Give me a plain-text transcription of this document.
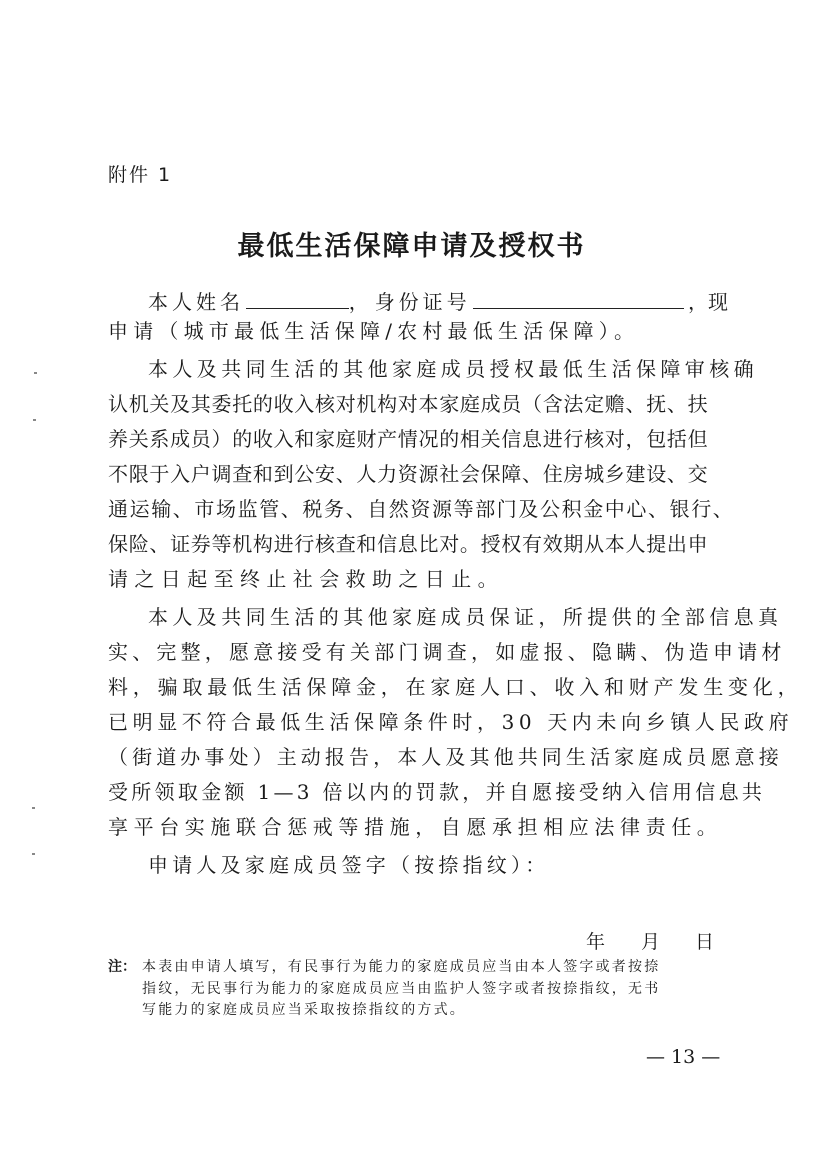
附件 1
最低生活保障申请及授权书
本人姓名	， 身份证号	， 现
申请（城市最低生活保障/农村最低生活保障）。
本人及共同生活的其他家庭成员授权最低生活保障审核确
认机关及其委托的收入核对机构对本家庭成员（含法定赡、抚、扶
养关系成员）的收入和家庭财产情况的相关信息进行核对，包括但
不限于入户调查和到公安、人力资源社会保障、住房城乡建设、交
通运输、市场监管、税务、自然资源等部门及公积金中心、银行、
保险、证券等机构进行核查和信息比对。授权有效期从本人提出申
请之日起至终止社会救助之日止。
本人及共同生活的其他家庭成员保证，所提供的全部信息真
实、完整，愿意接受有关部门调查，如虚报、隐瞒、伪造申请材
料，骗取最低生活保障金，在家庭人口、收入和财产发生变化，
已明显不符合最低生活保障条件时，30 天内未向乡镇人民政府
（街道办事处）主动报告，本人及其他共同生活家庭成员愿意接
受所领取金额 1—3 倍以内的罚款，并自愿接受纳入信用信息共
享平台实施联合惩戒等措施，自愿承担相应法律责任。
申请人及家庭成员签字（按捺指纹）：
年 月 日
注： 本表由申请人填写，有民事行为能力的家庭成员应当由本人签字或者按捺
指纹，无民事行为能力的家庭成员应当由监护人签字或者按捺指纹，无书
写能力的家庭成员应当采取按捺指纹的方式。
— 13 —
